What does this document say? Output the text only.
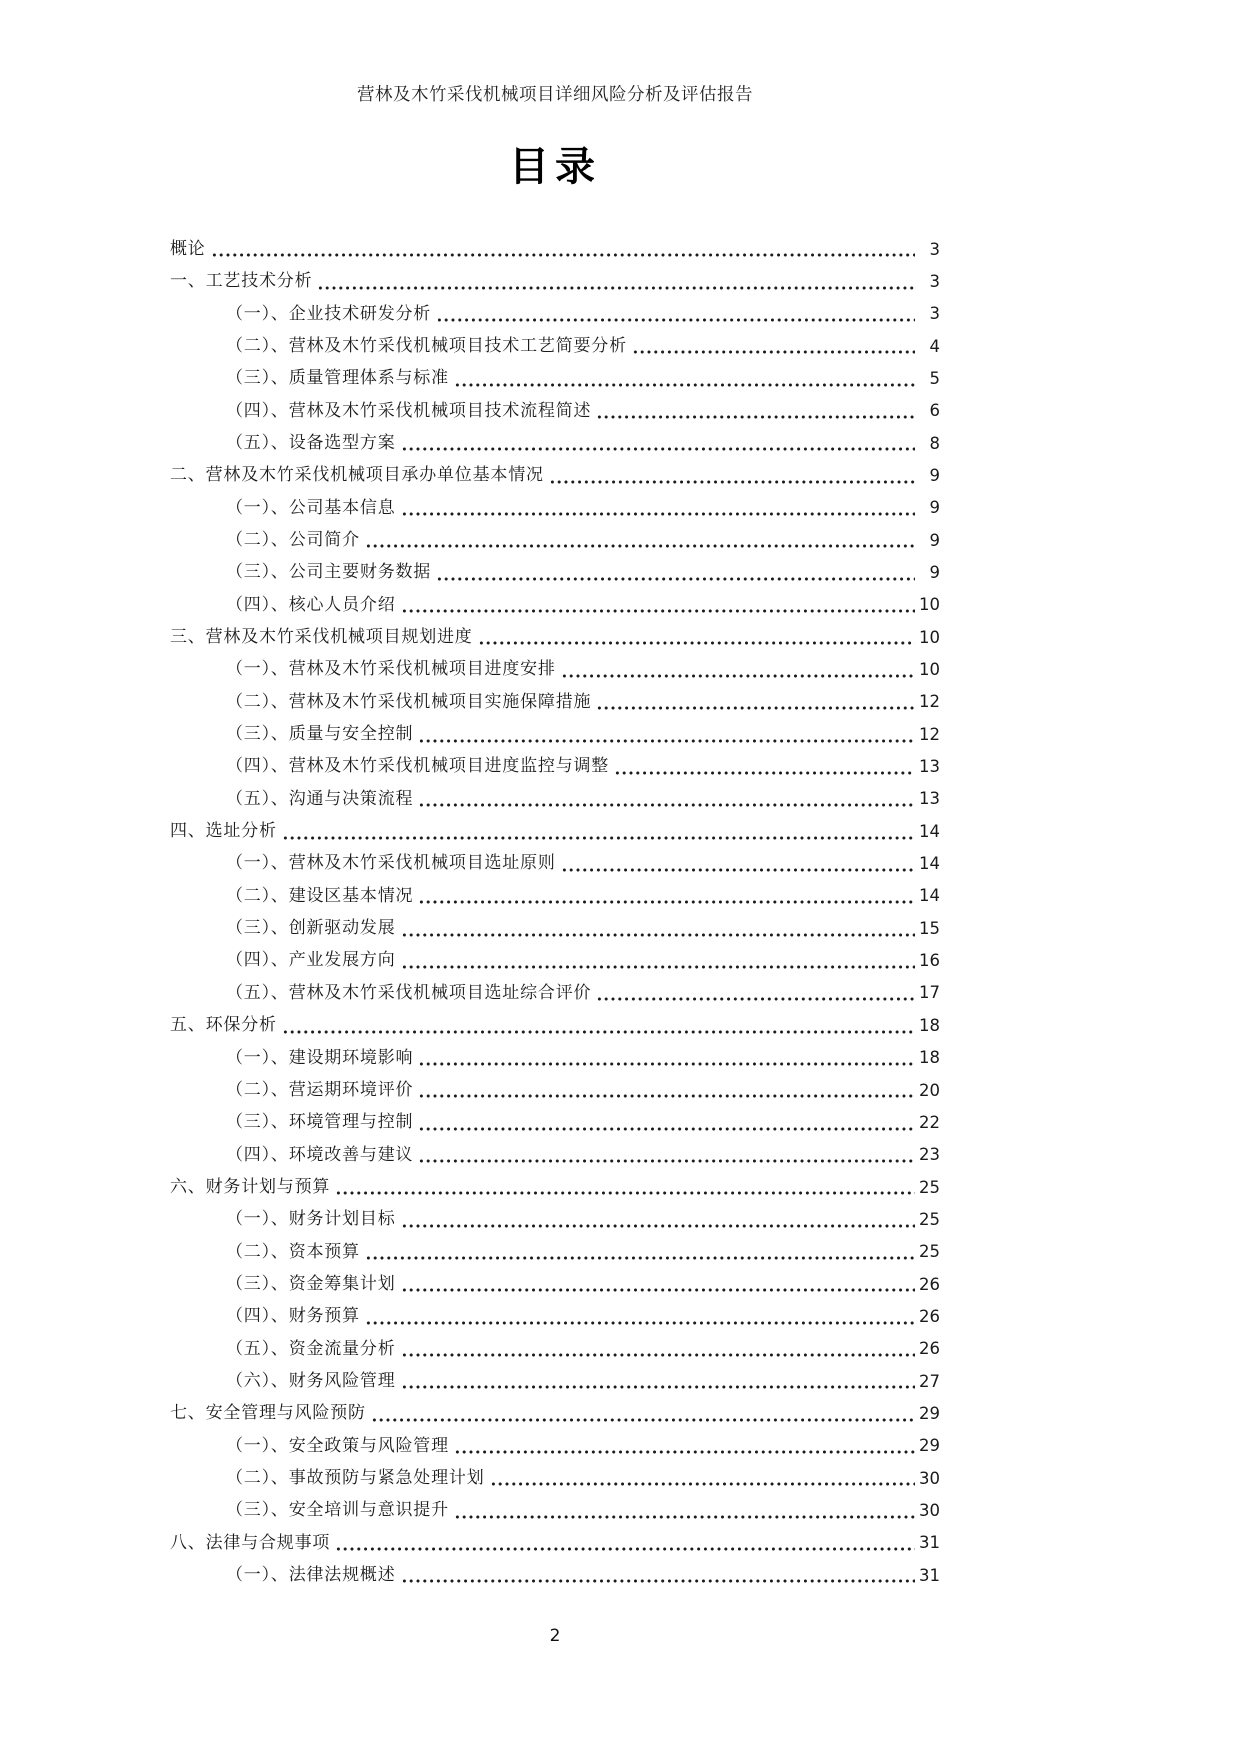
营林及木竹采伐机械项目详细风险分析及评估报告
目录
概论	3
一、工艺技术分析	3
（一）、企业技术研发分析	3
（二）、营林及木竹采伐机械项目技术工艺简要分析	4
（三）、质量管理体系与标准	5
（四）、营林及木竹采伐机械项目技术流程简述	6
（五）、设备选型方案	8
二、营林及木竹采伐机械项目承办单位基本情况	9
（一）、公司基本信息	9
（二）、公司简介	9
（三）、公司主要财务数据	9
（四）、核心人员介绍	10
三、营林及木竹采伐机械项目规划进度	10
（一）、营林及木竹采伐机械项目进度安排	10
（二）、营林及木竹采伐机械项目实施保障措施	12
（三）、质量与安全控制	12
（四）、营林及木竹采伐机械项目进度监控与调整	13
（五）、沟通与决策流程	13
四、选址分析	14
（一）、营林及木竹采伐机械项目选址原则	14
（二）、建设区基本情况	14
（三）、创新驱动发展	15
（四）、产业发展方向	16
（五）、营林及木竹采伐机械项目选址综合评价	17
五、环保分析	18
（一）、建设期环境影响	18
（二）、营运期环境评价	20
（三）、环境管理与控制	22
（四）、环境改善与建议	23
六、财务计划与预算	25
（一）、财务计划目标	25
（二）、资本预算	25
（三）、资金筹集计划	26
（四）、财务预算	26
（五）、资金流量分析	26
（六）、财务风险管理	27
七、安全管理与风险预防	29
（一）、安全政策与风险管理	29
（二）、事故预防与紧急处理计划	30
（三）、安全培训与意识提升	30
八、法律与合规事项	31
（一）、法律法规概述	31
2
